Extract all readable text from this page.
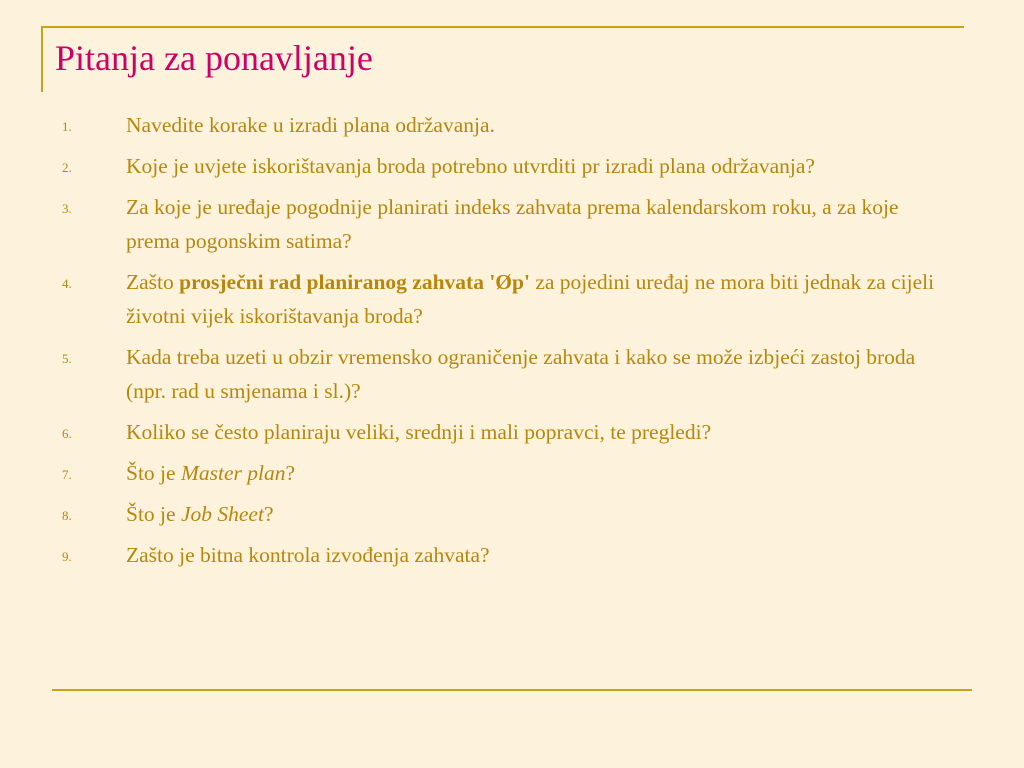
Pitanja za ponavljanje
1.	Navedite korake u izradi plana održavanja.
2.	Koje je uvjete iskorištavanja broda potrebno utvrditi pr izradi plana održavanja?
3.	Za koje je uređaje pogodnije planirati indeks zahvata prema kalendarskom roku, a za koje prema pogonskim satima?
4.	Zašto prosječni rad planiranog zahvata 'Øp' za pojedini uređaj ne mora biti jednak za cijeli životni vijek iskorištavanja broda?
5.	Kada treba uzeti u obzir vremensko ograničenje zahvata i kako se može izbjeći zastoj broda (npr. rad u smjenama i sl.)?
6.	Koliko se često planiraju veliki, srednji i mali popravci, te pregledi?
7.	Što je Master plan?
8.	Što je Job Sheet?
9.	Zašto je bitna kontrola izvođenja zahvata?
